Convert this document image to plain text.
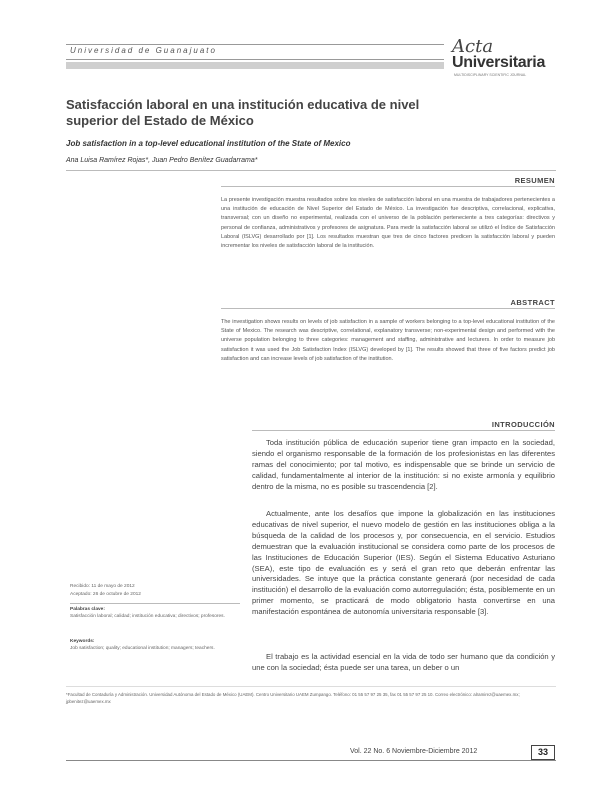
Universidad de Guanajuato	Acta
Universitaria
MULTIDISCIPLINARY SCIENTIFIC JOURNAL
Satisfacción laboral en una institución educativa de nivel superior del Estado de México
Job satisfaction in a top-level educational institution of the State of Mexico
Ana Luisa Ramírez Rojas*, Juan Pedro Benítez Guadarrama*
RESUMEN
La presente investigación muestra resultados sobre los niveles de satisfacción laboral en una muestra de trabajadores pertenecientes a una institución de educación de Nivel Superior del Estado de México. La investigación fue descriptiva, correlacional, explicativa, transversal; con un diseño no experimental, realizada con el universo de la población perteneciente a tres categorías: directivos y personal de confianza, administrativos y profesores de asignatura. Para medir la satisfacción laboral se utilizó el Índice de Satisfacción Laboral (ISLVG) desarrollado por [1]. Los resultados muestran que tres de cinco factores predicen la satisfacción laboral y pueden incrementar los niveles de satisfacción laboral de la institución.
ABSTRACT
The investigation shows results on levels of job satisfaction in a sample of workers belonging to a top-level educational institution of the State of Mexico. The research was descriptive, correlational, explanatory transverse; non-experimental design and performed with the universe population belonging to three categories: management and staffing, administrative and lecturers. In order to measure job satisfaction it was used the Job Satisfaction Index (ISLVG) developed by [1]. The results showed that three of five factors predict job satisfaction and can increase levels of job satisfaction of the institution.
INTRODUCCIÓN

Toda institución pública de educación superior tiene gran impacto en la sociedad, siendo el organismo responsable de la formación de los profesionistas en las diferentes ramas del conocimiento; por tal motivo, es indispensable que se brinde un servicio de calidad, fundamentalmente al interior de la institución: si no existe armonía y equilibrio dentro de la misma, no es posible su trascendencia [2].

Actualmente, ante los desafíos que impone la globalización en las instituciones educativas de nivel superior, el nuevo modelo de gestión en las instituciones obliga a la búsqueda de la calidad de los procesos y, por consecuencia, en el servicio. Estudios demuestran que la evaluación institucional se considera como parte de los procesos de las Instituciones de Educación Superior (IES). Según el Sistema Educativo Asturiano (SEA), este tipo de evaluación es y será el gran reto que deberán enfrentar las universidades. Se intuye que la práctica constante generará (por necesidad de cada institución) el desarrollo de la evaluación como autorregulación; ésta, posiblemente en un primer momento, se practicará de modo obligatorio hasta convertirse en una manifestación espontánea de autonomía universitaria responsable [3].

El trabajo es la actividad esencial en la vida de todo ser humano que da condición y une con la sociedad; ésta puede ser una tarea, un deber o un

Recibido: 11 de mayo de 2012
Aceptado: 26 de octubre de 2012
Palabras clave:
Satisfacción laboral; calidad; institución educativa; directivos; profesores.
Keywords:
Job satisfaction; quality; educational institution; managers; teachers.
*Facultad de Contaduría y Administración. Universidad Autónoma del Estado de México (UAEM). Centro Universitario UAEM Zumpango. Teléfono: 01 55 57 97 25 35, fax 01 55 57 97 25 10. Correo electrónico: alramirez@uaemex.mx; jpbenitez@uaemex.mx
Vol. 22 No. 6 Noviembre-Diciembre 2012	33
